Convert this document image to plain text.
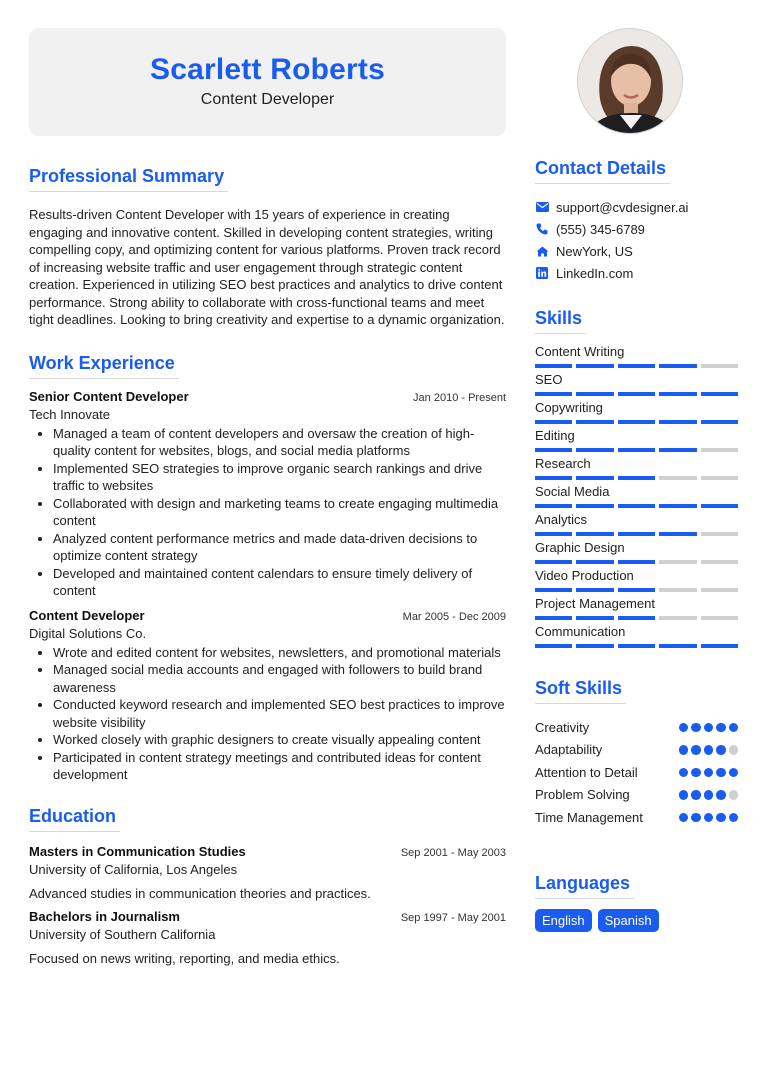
Scarlett Roberts
Content Developer
Professional Summary

Results-driven Content Developer with 15 years of experience in creating engaging and innovative content. Skilled in developing content strategies, writing compelling copy, and optimizing content for various platforms. Proven track record of increasing website traffic and user engagement through strategic content creation. Experienced in utilizing SEO best practices and analytics to drive content performance. Strong ability to collaborate with cross-functional teams and meet tight deadlines. Looking to bring creativity and expertise to a dynamic organization.

Work Experience
Senior Content Developer	Jan 2010 - Present
Tech Innovate
Managed a team of content developers and oversaw the creation of high-quality content for websites, blogs, and social media platforms
Implemented SEO strategies to improve organic search rankings and drive traffic to websites
Collaborated with design and marketing teams to create engaging multimedia content
Analyzed content performance metrics and made data-driven decisions to optimize content strategy
Developed and maintained content calendars to ensure timely delivery of content
Content Developer	Mar 2005 - Dec 2009
Digital Solutions Co.
Wrote and edited content for websites, newsletters, and promotional materials
Managed social media accounts and engaged with followers to build brand awareness
Conducted keyword research and implemented SEO best practices to improve website visibility
Worked closely with graphic designers to create visually appealing content
Participated in content strategy meetings and contributed ideas for content development
Education
Masters in Communication Studies	Sep 2001 - May 2003
University of California, Los Angeles
Advanced studies in communication theories and practices.
Bachelors in Journalism	Sep 1997 - May 2001
University of Southern California
Focused on news writing, reporting, and media ethics.
Contact Details
support@cvdesigner.ai
(555) 345-6789
NewYork, US
LinkedIn.com
Skills
Content Writing
SEO
Copywriting
Editing
Research
Social Media
Analytics
Graphic Design
Video Production
Project Management
Communication
Soft Skills
Creativity
Adaptability
Attention to Detail
Problem Solving
Time Management
Languages
English	Spanish
